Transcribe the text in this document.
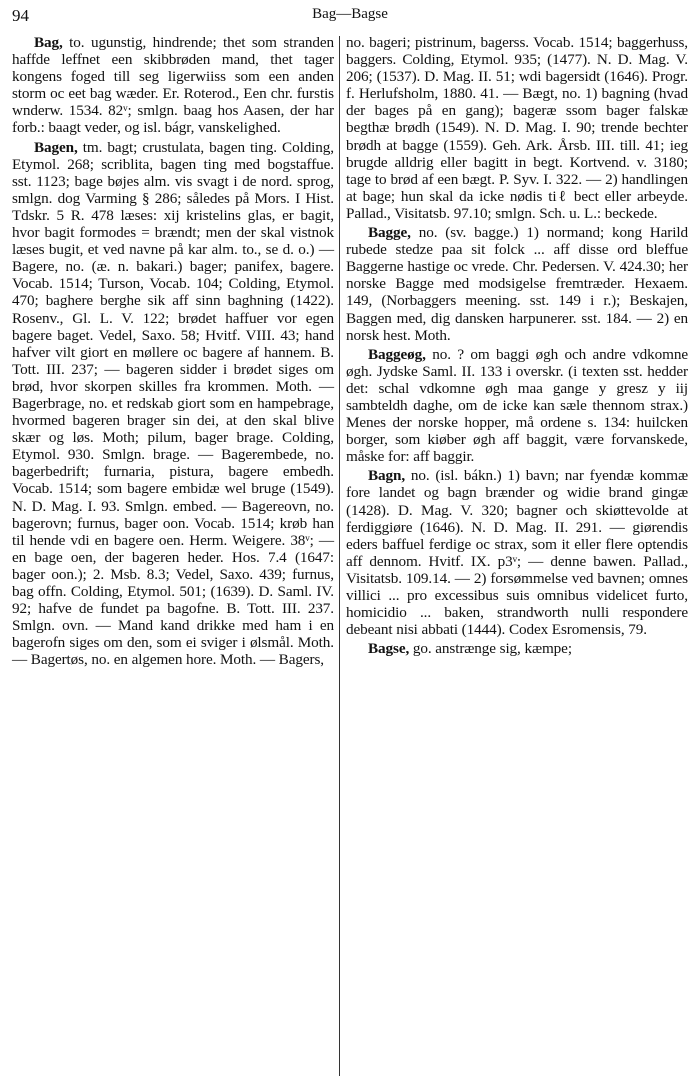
94	Bag—Bagse

Bag, to. ugunstig, hindrende; thet som stranden haffde leffnet een skibbrøden mand, thet tager kongens foged till seg ligerwiiss som een anden storm oc eet bag wæder. Er. Roterod., Een chr. furstis wnderw. 1534. 82ᵛ; smlgn. baag hos Aasen, der har forb.: baagt veder, og isl. bágr, vanskelighed.

Bagen, tm. bagt; crustulata, bagen ting. Colding, Etymol. 268; scriblita, bagen ting med bogstaffue. sst. 1123; bage bøjes alm. vis svagt i de nord. sprog, smlgn. dog Varming § 286; således på Mors. I Hist. Tdskr. 5 R. 478 læses: xij kristelins glas, er bagit, hvor bagit formodes = brændt; men der skal vistnok læses bugit, et ved navne på kar alm. to., se d. o.) — Bagere, no. (æ. n. bakari.) bager; panifex, bagere. Vocab. 1514; Turson, Vocab. 104; Colding, Etymol. 470; baghere berghe sik aff sinn baghning (1422). Rosenv., Gl. L. V. 122; brødet haffuer vor egen bagere baget. Vedel, Saxo. 58; Hvitf. VIII. 43; hand hafver vilt giort en møllere oc bagere af hannem. B. Tott. III. 237; — bageren sidder i brødet siges om brød, hvor skorpen skilles fra krommen. Moth. — Bagerbrage, no. et redskab giort som en hampebrage, hvormed bageren brager sin dei, at den skal blive skær og løs. Moth; pilum, bager brage. Colding, Etymol. 930. Smlgn. brage. — Bagerembede, no. bagerbedrift; furnaria, pistura, bagere embedh. Vocab. 1514; som bagere embidæ wel bruge (1549). N. D. Mag. I. 93. Smlgn. embed. — Bagereovn, no. bagerovn; furnus, bager oon. Vocab. 1514; krøb han til hende vdi en bagere oen. Herm. Weigere. 38ᵛ; — en bage oen, der bageren heder. Hos. 7.4 (1647: bager oon.); 2. Msb. 8.3; Vedel, Saxo. 439; furnus, bag offn. Colding, Etymol. 501; (1639). D. Saml. IV. 92; hafve de fundet pa bagofne. B. Tott. III. 237. Smlgn. ovn. — Mand kand drikke med ham i en bagerofn siges om den, som ei sviger i ølsmål. Moth. — Bagertøs, no. en algemen hore. Moth. — Bagers,

no. bageri; pistrinum, bagerss. Vocab. 1514; baggerhuss, baggers. Colding, Etymol. 935; (1477). N. D. Mag. V. 206; (1537). D. Mag. II. 51; wdi bagersidt (1646). Progr. f. Herlufsholm, 1880. 41. — Bægt, no. 1) bagning (hvad der bages på en gang); bageræ ssom bager falskæ begthæ brødh (1549). N. D. Mag. I. 90; trende bechter brødh at bagge (1559). Geh. Ark. Årsb. III. till. 41; ieg brugde alldrig eller bagitt in begt. Kortvend. v. 3180; tage to brød af een bægt. P. Syv. I. 322. — 2) handlingen at bage; hun skal da icke nødis tiℓ bect eller arbeyde. Pallad., Visitatsb. 97.10; smlgn. Sch. u. L.: beckede.

Bagge, no. (sv. bagge.) 1) normand; kong Harild rubede stedze paa sit folck ... aff disse ord bleffue Baggerne hastige oc vrede. Chr. Pedersen. V. 424.30; her norske Bagge med modsigelse fremtræder. Hexaem. 149, (Norbaggers meening. sst. 149 i r.); Beskajen, Baggen med, dig dansken harpunerer. sst. 184. — 2) en norsk hest. Moth.

Baggeøg, no. ? om baggi øgh och andre vdkomne øgh. Jydske Saml. II. 133 i overskr. (i texten sst. hedder det: schal vdkomne øgh maa gange y gresz y iij sambteldh daghe, om de icke kan sæle thennom strax.) Menes der norske hopper, må ordene s. 134: huilcken borger, som kiøber øgh aff baggit, være forvanskede, måske for: aff baggir.

Bagn, no. (isl. bákn.) 1) bavn; nar fyendæ kommæ fore landet og bagn brænder og widie brand gingæ (1428). D. Mag. V. 320; bagner och skiøttevolde at ferdiggiøre (1646). N. D. Mag. II. 291. — giørendis eders baffuel ferdige oc strax, som it eller flere optendis aff dennom. Hvitf. IX. p3ᵛ; — denne bawen. Pallad., Visitatsb. 109.14. — 2) forsømmelse ved bavnen; omnes villici ... pro excessibus suis omnibus videlicet furto, homicidio ... baken, strandworth nulli respondere debeant nisi abbati (1444). Codex Esromensis, 79.

Bagse, go. anstrænge sig, kæmpe;
